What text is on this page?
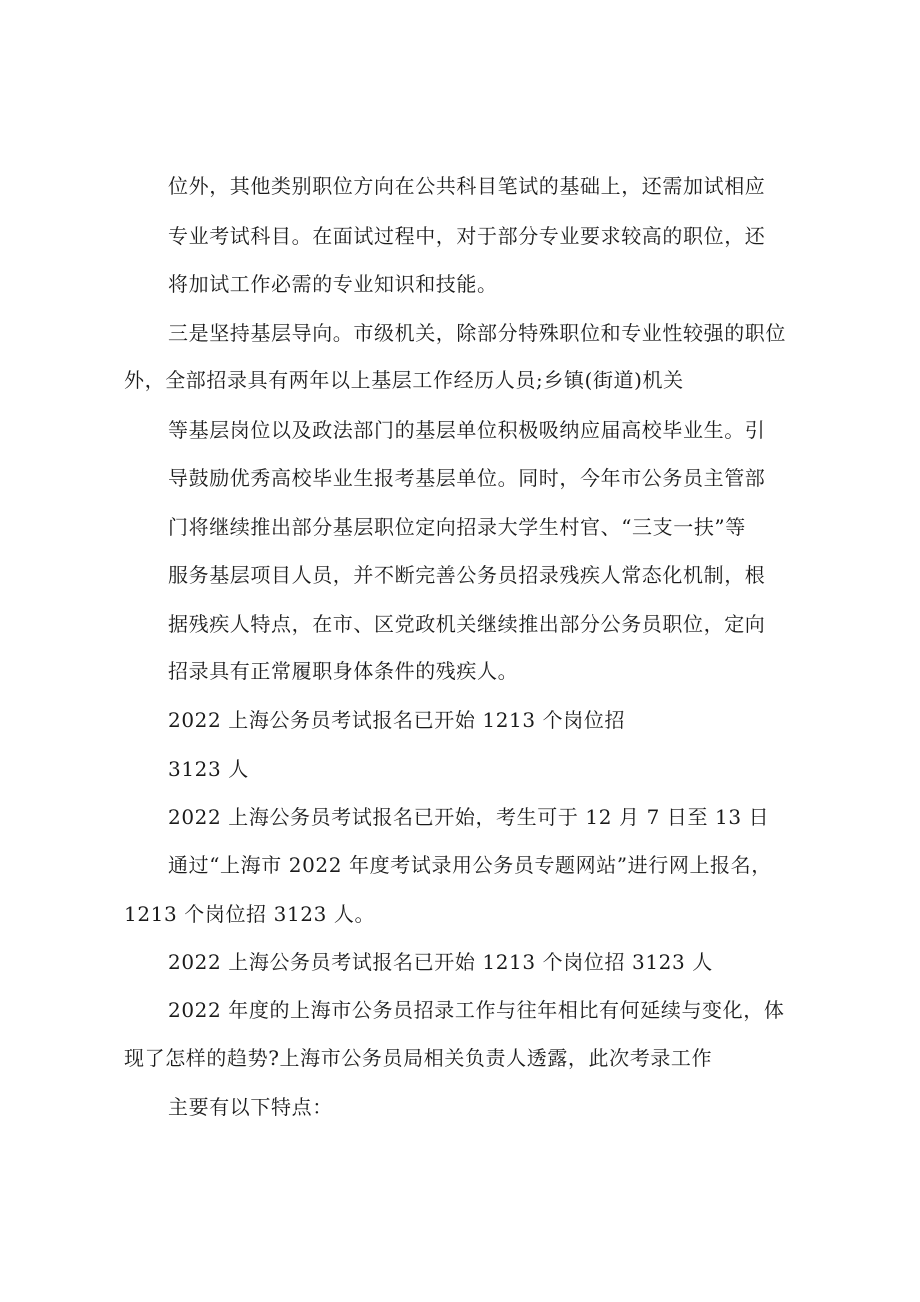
位外，其他类别职位方向在公共科目笔试的基础上，还需加试相应
专业考试科目。在面试过程中，对于部分专业要求较高的职位，还
将加试工作必需的专业知识和技能。
三是坚持基层导向。市级机关，除部分特殊职位和专业性较强的职位
外，全部招录具有两年以上基层工作经历人员;乡镇(街道)机关
等基层岗位以及政法部门的基层单位积极吸纳应届高校毕业生。引
导鼓励优秀高校毕业生报考基层单位。同时，今年市公务员主管部
门将继续推出部分基层职位定向招录大学生村官、“三支一扶”等
服务基层项目人员，并不断完善公务员招录残疾人常态化机制，根
据残疾人特点，在市、区党政机关继续推出部分公务员职位，定向
招录具有正常履职身体条件的残疾人。
2022 上海公务员考试报名已开始 1213 个岗位招
3123 人
2022 上海公务员考试报名已开始，考生可于 12 月 7 日至 13 日
通过“上海市 2022 年度考试录用公务员专题网站”进行网上报名，
1213 个岗位招 3123 人。
2022 上海公务员考试报名已开始 1213 个岗位招 3123 人
2022 年度的上海市公务员招录工作与往年相比有何延续与变化，体
现了怎样的趋势?上海市公务员局相关负责人透露，此次考录工作
主要有以下特点：
